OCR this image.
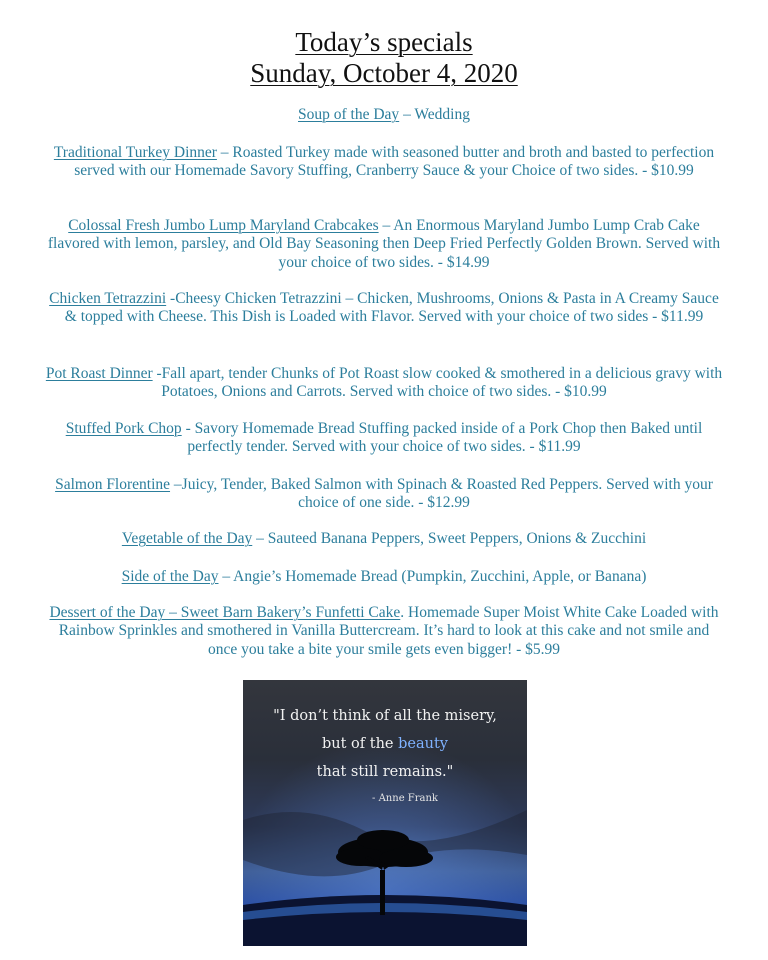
Today’s specials
Sunday, October 4, 2020
Soup of the Day – Wedding
Traditional Turkey Dinner – Roasted Turkey made with seasoned butter and broth and basted to perfection served with our Homemade Savory Stuffing, Cranberry Sauce & your Choice of two sides. - $10.99
Colossal Fresh Jumbo Lump Maryland Crabcakes – An Enormous Maryland Jumbo Lump Crab Cake flavored with lemon, parsley, and Old Bay Seasoning then Deep Fried Perfectly Golden Brown. Served with your choice of two sides. - $14.99
Chicken Tetrazzini -Cheesy Chicken Tetrazzini – Chicken, Mushrooms, Onions & Pasta in A Creamy Sauce & topped with Cheese. This Dish is Loaded with Flavor. Served with your choice of two sides - $11.99
Pot Roast Dinner -Fall apart, tender Chunks of Pot Roast slow cooked & smothered in a delicious gravy with Potatoes, Onions and Carrots. Served with choice of two sides. - $10.99
Stuffed Pork Chop - Savory Homemade Bread Stuffing packed inside of a Pork Chop then Baked until perfectly tender. Served with your choice of two sides. - $11.99
Salmon Florentine –Juicy, Tender, Baked Salmon with Spinach & Roasted Red Peppers. Served with your choice of one side. - $12.99
Vegetable of the Day – Sauteed Banana Peppers, Sweet Peppers, Onions & Zucchini
Side of the Day – Angie’s Homemade Bread (Pumpkin, Zucchini, Apple, or Banana)
Dessert of the Day – Sweet Barn Bakery’s Funfetti Cake. Homemade Super Moist White Cake Loaded with Rainbow Sprinkles and smothered in Vanilla Buttercream. It’s hard to look at this cake and not smile and once you take a bite your smile gets even bigger! - $5.99
"I don’t think of all the misery,
but of the beauty
that still remains."
- Anne Frank
